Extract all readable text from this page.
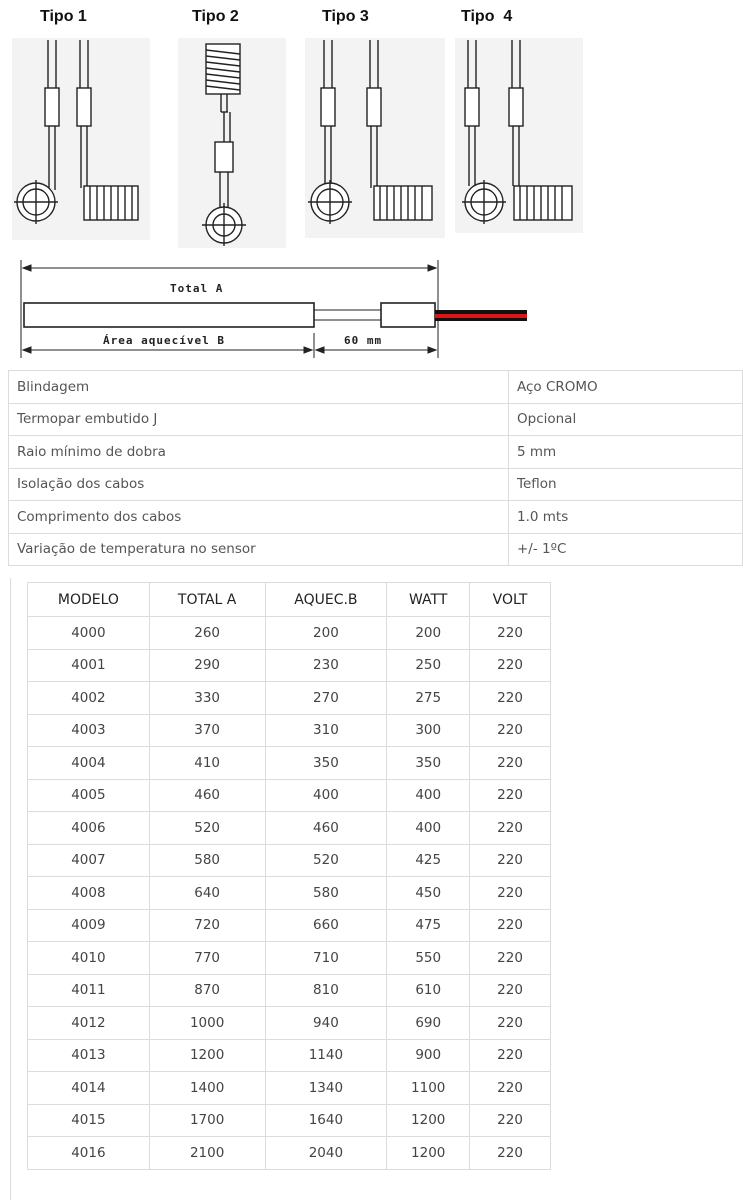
Tipo 1	Tipo 2	Tipo 3	Tipo  4
Total A
Área aquecível B	60 mm
Blindagem	Aço CROMO
Termopar embutido J	Opcional
Raio mínimo de dobra	5 mm
Isolação dos cabos	Teflon
Comprimento dos cabos	1.0 mts
Variação de temperatura no sensor	+/- 1ºC
MODELO	TOTAL A	AQUEC.B	WATT	VOLT
4000	260	200	200	220
4001	290	230	250	220
4002	330	270	275	220
4003	370	310	300	220
4004	410	350	350	220
4005	460	400	400	220
4006	520	460	400	220
4007	580	520	425	220
4008	640	580	450	220
4009	720	660	475	220
4010	770	710	550	220
4011	870	810	610	220
4012	1000	940	690	220
4013	1200	1140	900	220
4014	1400	1340	1100	220
4015	1700	1640	1200	220
4016	2100	2040	1200	220
